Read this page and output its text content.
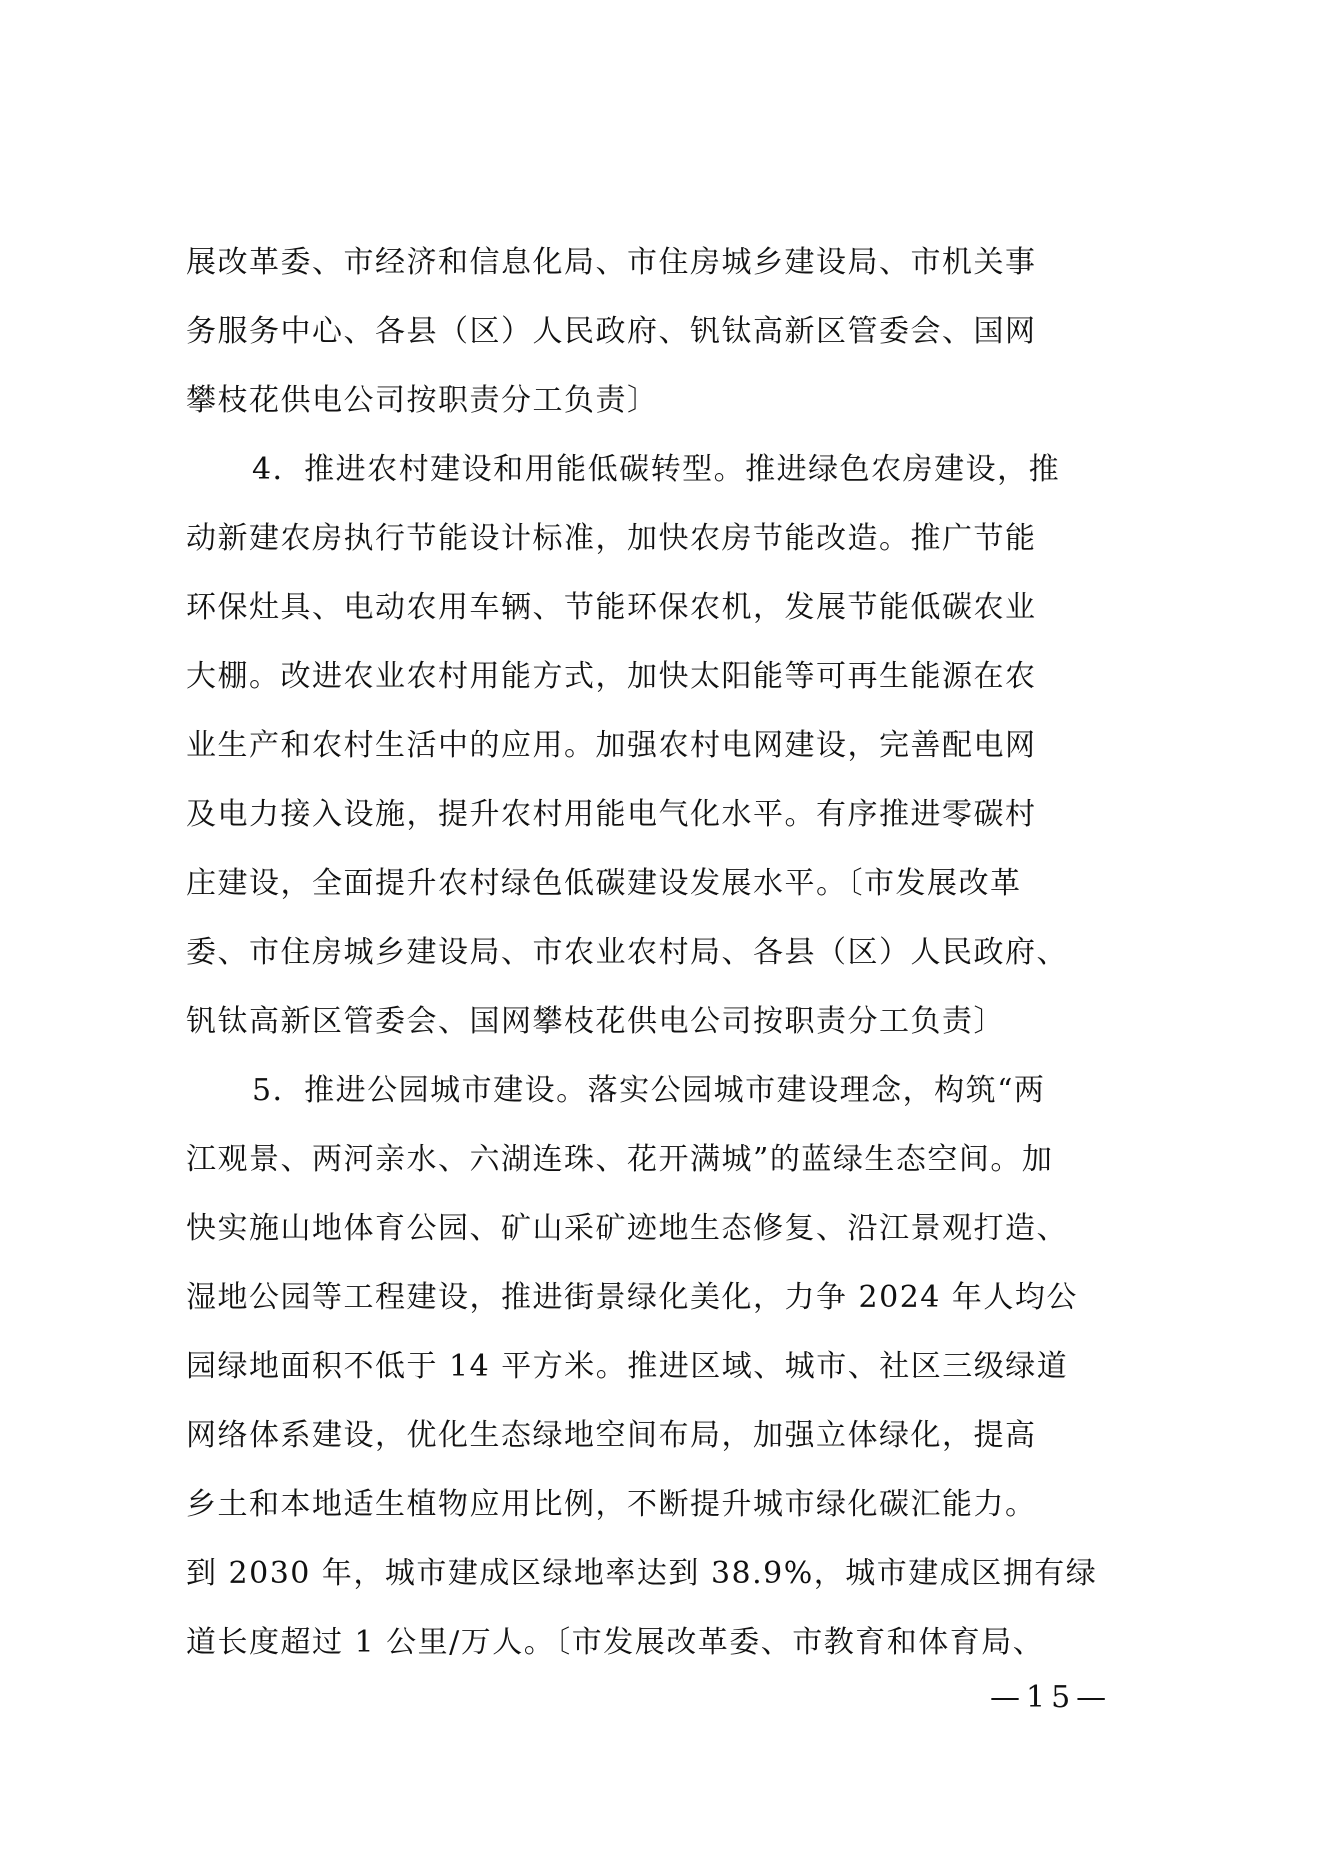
展改革委、市经济和信息化局、市住房城乡建设局、市机关事
务服务中心、各县（区）人民政府、钒钛高新区管委会、国网
攀枝花供电公司按职责分工负责〕
4．推进农村建设和用能低碳转型。推进绿色农房建设，推
动新建农房执行节能设计标准，加快农房节能改造。推广节能
环保灶具、电动农用车辆、节能环保农机，发展节能低碳农业
大棚。改进农业农村用能方式，加快太阳能等可再生能源在农
业生产和农村生活中的应用。加强农村电网建设，完善配电网
及电力接入设施，提升农村用能电气化水平。有序推进零碳村
庄建设，全面提升农村绿色低碳建设发展水平。〔市发展改革
委、市住房城乡建设局、市农业农村局、各县（区）人民政府、
钒钛高新区管委会、国网攀枝花供电公司按职责分工负责〕
5．推进公园城市建设。落实公园城市建设理念，构筑“两
江观景、两河亲水、六湖连珠、花开满城”的蓝绿生态空间。加
快实施山地体育公园、矿山采矿迹地生态修复、沿江景观打造、
湿地公园等工程建设，推进街景绿化美化，力争 2024 年人均公
园绿地面积不低于 14 平方米。推进区域、城市、社区三级绿道
网络体系建设，优化生态绿地空间布局，加强立体绿化，提高
乡土和本地适生植物应用比例，不断提升城市绿化碳汇能力。
到 2030 年，城市建成区绿地率达到 38.9%，城市建成区拥有绿
道长度超过 1 公里/万人。〔市发展改革委、市教育和体育局、
—15—
